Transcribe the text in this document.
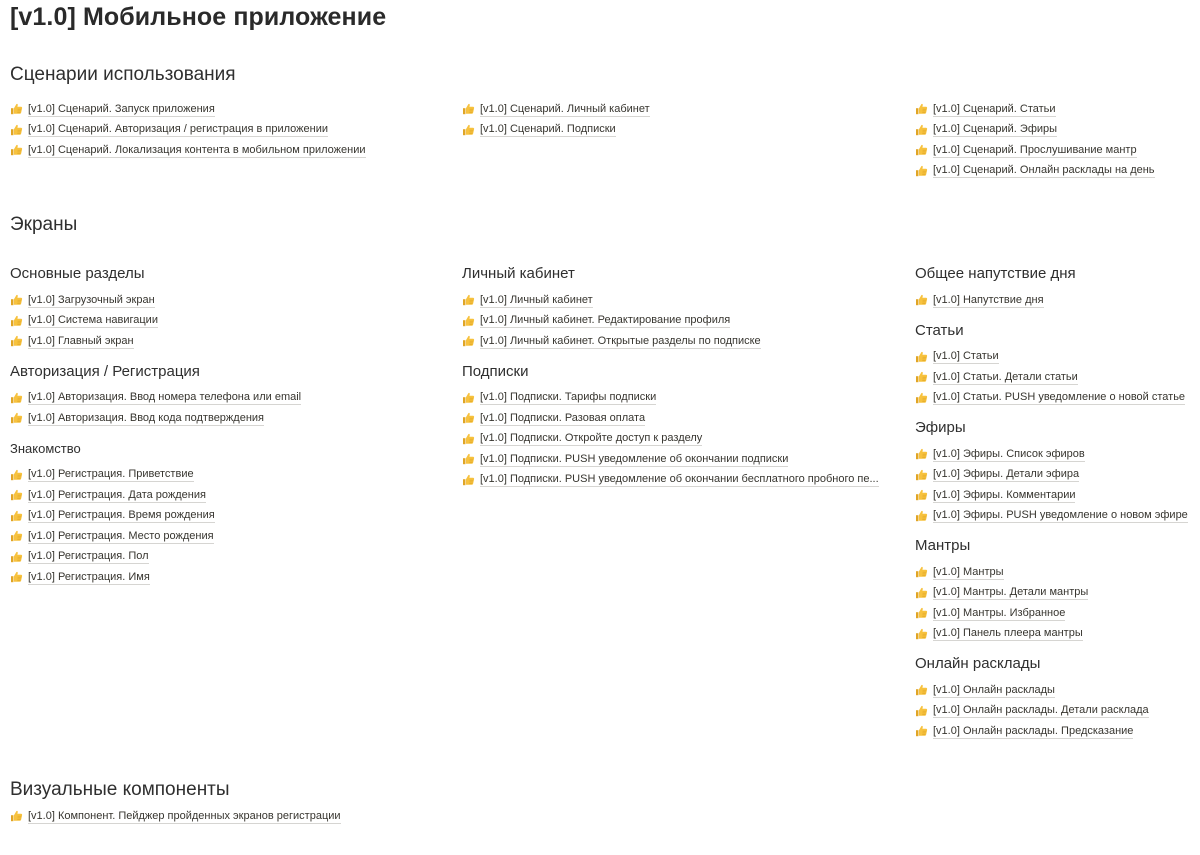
[v1.0] Мобильное приложение
Сценарии использования
[v1.0] Сценарий. Запуск приложения
[v1.0] Сценарий. Авторизация / регистрация в приложении
[v1.0] Сценарий. Локализация контента в мобильном приложении
[v1.0] Сценарий. Личный кабинет
[v1.0] Сценарий. Подписки
[v1.0] Сценарий. Статьи
[v1.0] Сценарий. Эфиры
[v1.0] Сценарий. Прослушивание мантр
[v1.0] Сценарий. Онлайн расклады на день
Экраны
Основные разделы
[v1.0] Загрузочный экран
[v1.0] Система навигации
[v1.0] Главный экран
Авторизация / Регистрация
[v1.0] Авторизация. Ввод номера телефона или email
[v1.0] Авторизация. Ввод кода подтверждения
Знакомство
[v1.0] Регистрация. Приветствие
[v1.0] Регистрация. Дата рождения
[v1.0] Регистрация. Время рождения
[v1.0] Регистрация. Место рождения
[v1.0] Регистрация. Пол
[v1.0] Регистрация. Имя
Личный кабинет
[v1.0] Личный кабинет
[v1.0] Личный кабинет. Редактирование профиля
[v1.0] Личный кабинет. Открытые разделы по подписке
Подписки
[v1.0] Подписки. Тарифы подписки
[v1.0] Подписки. Разовая оплата
[v1.0] Подписки. Откройте доступ к разделу
[v1.0] Подписки. PUSH уведомление об окончании подписки
[v1.0] Подписки. PUSH уведомление об окончании бесплатного пробного пе...
Общее напутствие дня
[v1.0] Напутствие дня
Статьи
[v1.0] Статьи
[v1.0] Статьи. Детали статьи
[v1.0] Статьи. PUSH уведомление о новой статье
Эфиры
[v1.0] Эфиры. Список эфиров
[v1.0] Эфиры. Детали эфира
[v1.0] Эфиры. Комментарии
[v1.0] Эфиры. PUSH уведомление о новом эфире
Мантры
[v1.0] Мантры
[v1.0] Мантры. Детали мантры
[v1.0] Мантры. Избранное
[v1.0] Панель плеера мантры
Онлайн расклады
[v1.0] Онлайн расклады
[v1.0] Онлайн расклады. Детали расклада
[v1.0] Онлайн расклады. Предсказание
Визуальные компоненты
[v1.0] Компонент. Пейджер пройденных экранов регистрации
